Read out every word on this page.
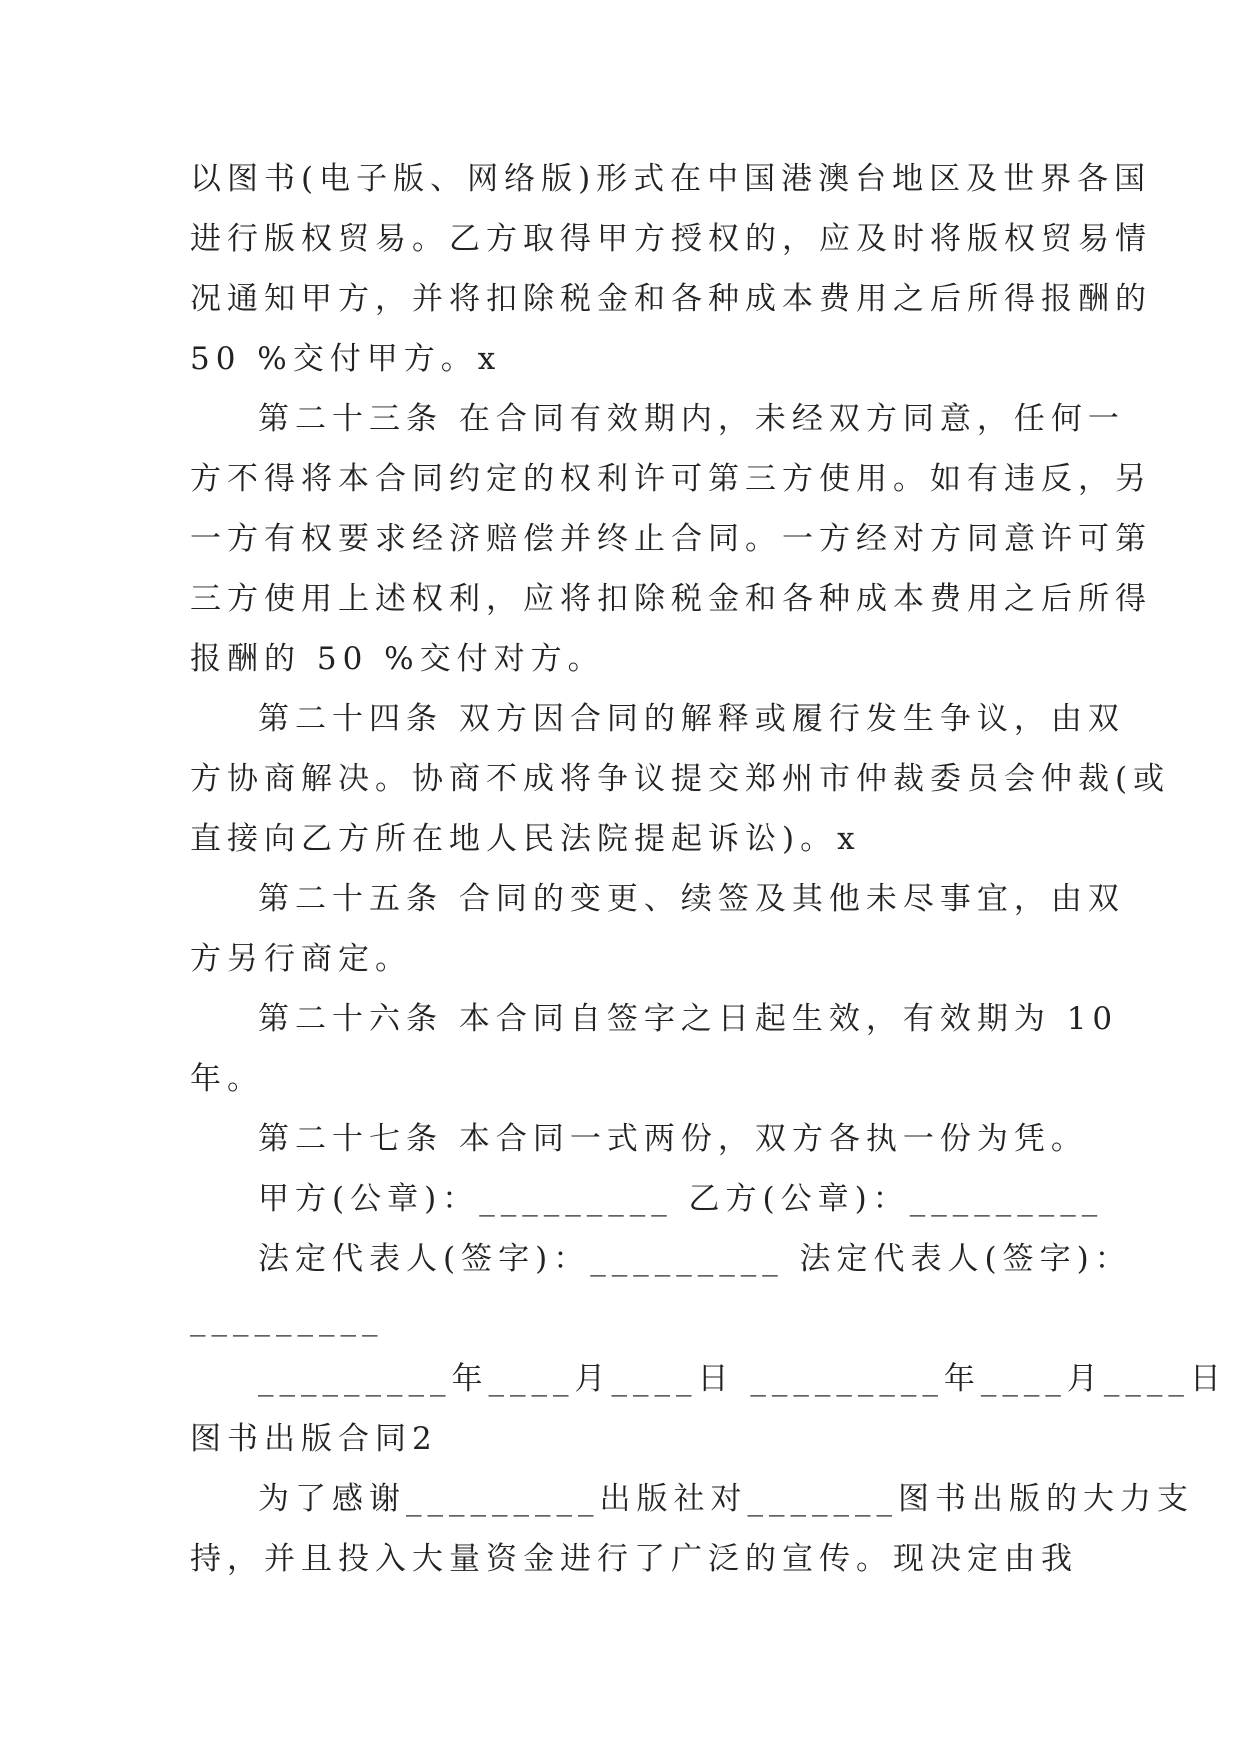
以图书(电子版、网络版)形式在中国港澳台地区及世界各国
进行版权贸易。乙方取得甲方授权的，应及时将版权贸易情
况通知甲方，并将扣除税金和各种成本费用之后所得报酬的
50 %交付甲方。x
第二十三条 在合同有效期内，未经双方同意，任何一
方不得将本合同约定的权利许可第三方使用。如有违反，另
一方有权要求经济赔偿并终止合同。一方经对方同意许可第
三方使用上述权利，应将扣除税金和各种成本费用之后所得
报酬的 50 %交付对方。
第二十四条 双方因合同的解释或履行发生争议，由双
方协商解决。协商不成将争议提交郑州市仲裁委员会仲裁(或
直接向乙方所在地人民法院提起诉讼)。x
第二十五条 合同的变更、续签及其他未尽事宜，由双
方另行商定。
第二十六条 本合同自签字之日起生效，有效期为 10
年。
第二十七条 本合同一式两份，双方各执一份为凭。
甲方(公章)：_________ 乙方(公章)：_________
法定代表人(签字)：_________ 法定代表人(签字)：
_________
_________年____月____日 _________年____月____日
图书出版合同2
为了感谢_________出版社对_______图书出版的大力支
持，并且投入大量资金进行了广泛的宣传。现决定由我
